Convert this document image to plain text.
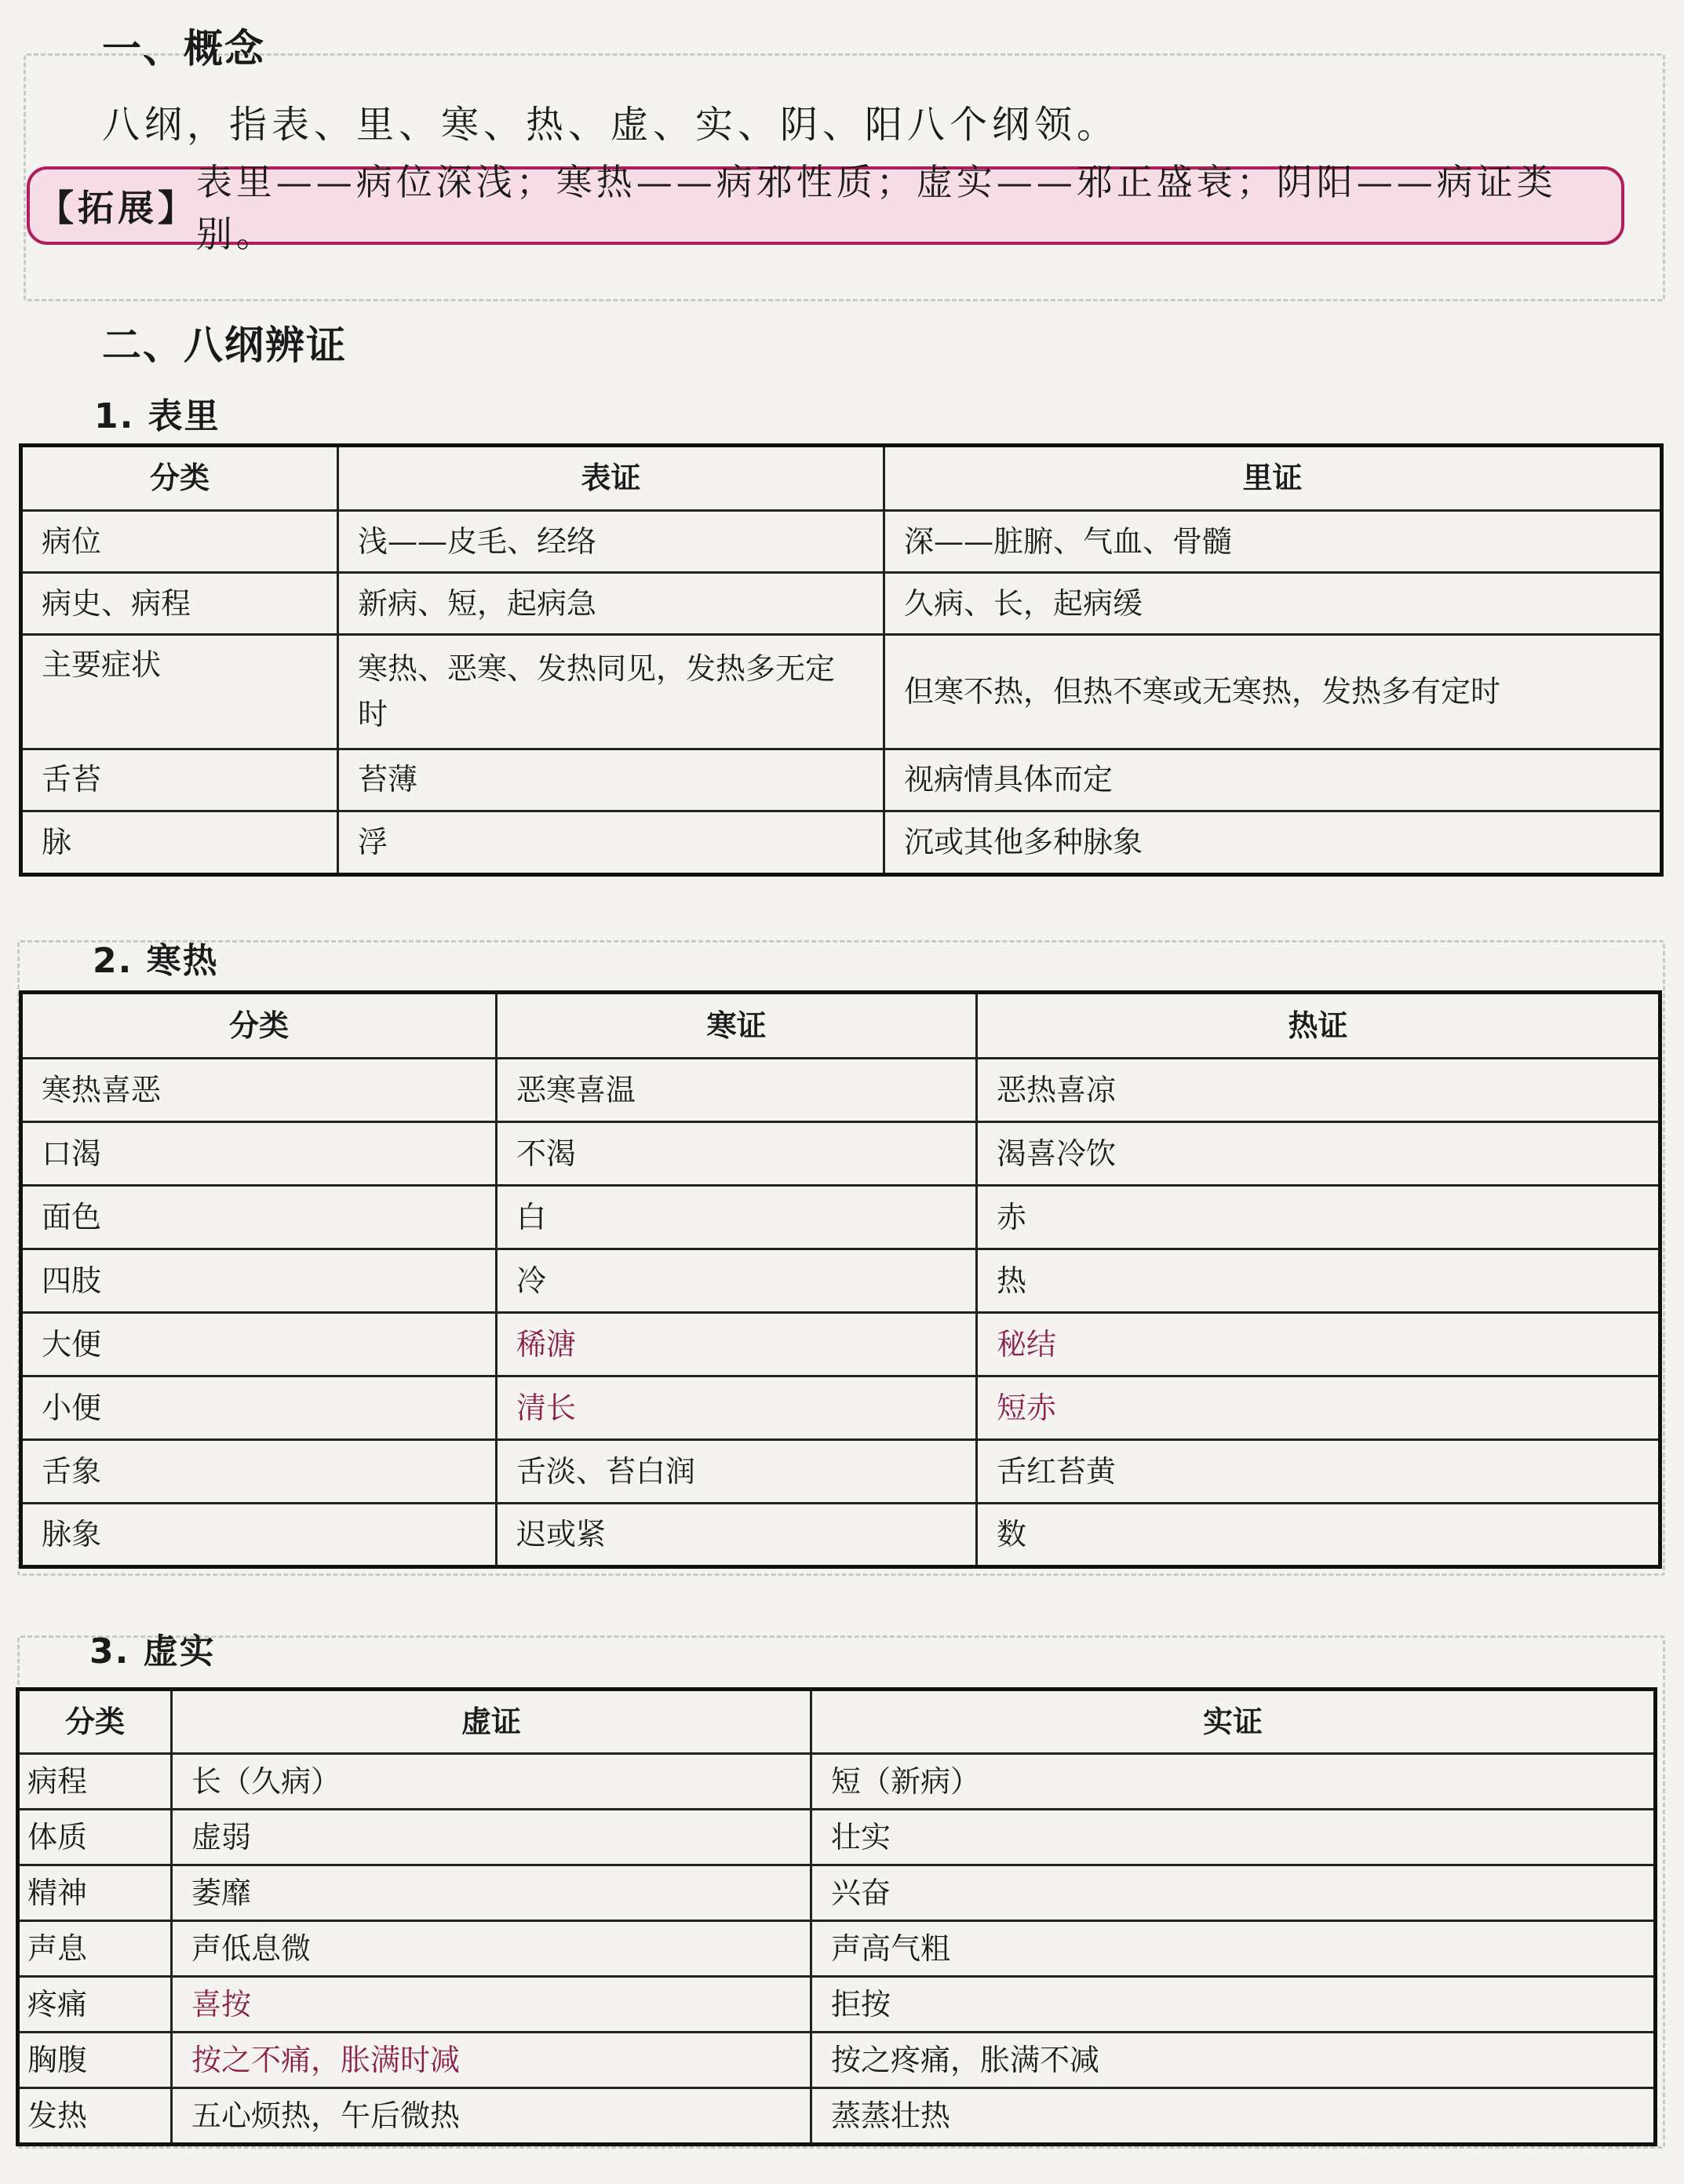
一、概念
八纲，指表、里、寒、热、虚、实、阴、阳八个纲领。
【拓展】
表里——病位深浅；寒热——病邪性质；虚实——邪正盛衰；阴阳——病证类别。
二、八纲辨证
1. 表里
分类	表证	里证
病位	浅——皮毛、经络	深——脏腑、气血、骨髓
病史、病程	新病、短，起病急	久病、长，起病缓
主要症状	寒热、恶寒、发热同见，发热多无定时	但寒不热，但热不寒或无寒热，发热多有定时
舌苔	苔薄	视病情具体而定
脉	浮	沉或其他多种脉象
2. 寒热
分类	寒证	热证
寒热喜恶	恶寒喜温	恶热喜凉
口渴	不渴	渴喜冷饮
面色	白	赤
四肢	冷	热
大便	稀溏	秘结
小便	清长	短赤
舌象	舌淡、苔白润	舌红苔黄
脉象	迟或紧	数
3. 虚实
分类	虚证	实证
病程	长（久病）	短（新病）
体质	虚弱	壮实
精神	萎靡	兴奋
声息	声低息微	声高气粗
疼痛	喜按	拒按
胸腹	按之不痛，胀满时减	按之疼痛，胀满不减
发热	五心烦热，午后微热	蒸蒸壮热
